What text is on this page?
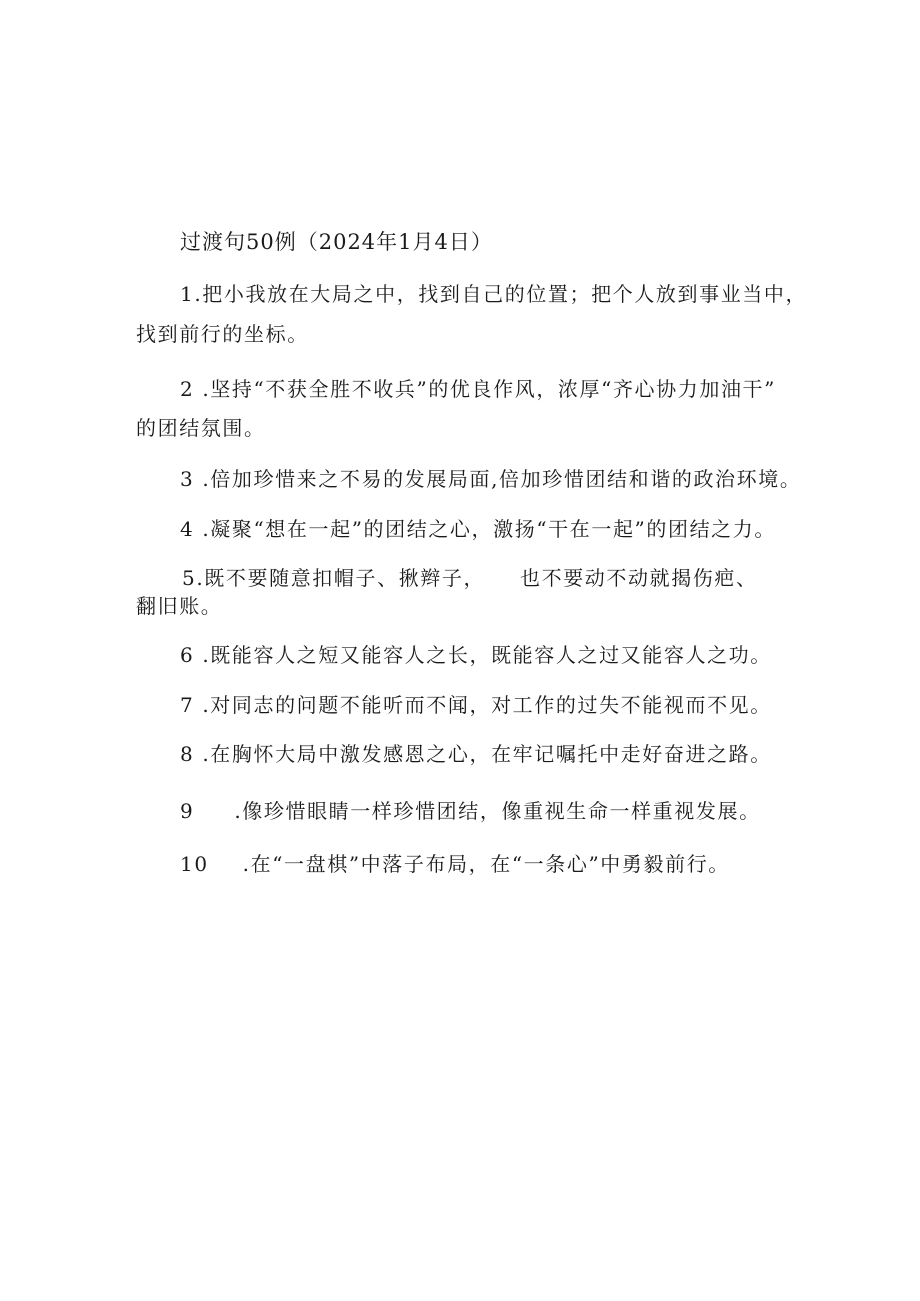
过渡句50例（2024年1月4日）
1.把小我放在大局之中，找到自己的位置；把个人放到事业当中，
找到前行的坐标。
2 .坚持“不获全胜不收兵”的优良作风，浓厚“齐心协力加油干”
的团结氛围。
3 .倍加珍惜来之不易的发展局面,倍加珍惜团结和谐的政治环境。
4 .凝聚“想在一起”的团结之心，激扬“干在一起”的团结之力。
5.既不要随意扣帽子、揪辫子， 也不要动不动就揭伤疤、
翻旧账。
6 .既能容人之短又能容人之长，既能容人之过又能容人之功。
7 .对同志的问题不能听而不闻，对工作的过失不能视而不见。
8 .在胸怀大局中激发感恩之心，在牢记嘱托中走好奋进之路。
9 .像珍惜眼睛一样珍惜团结，像重视生命一样重视发展。
10 .在“一盘棋”中落子布局，在“一条心”中勇毅前行。
